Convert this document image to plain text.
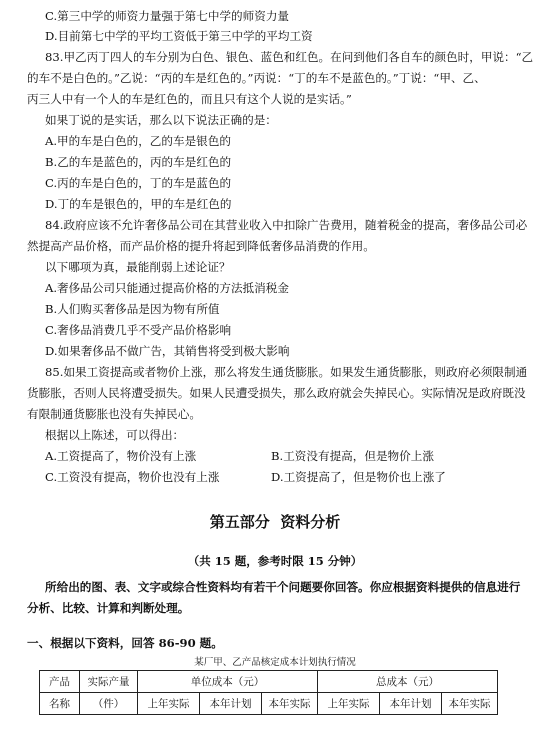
C.第三中学的师资力量强于第七中学的师资力量
D.目前第七中学的平均工资低于第三中学的平均工资
83.甲乙丙丁四人的车分别为白色、银色、蓝色和红色。在问到他们各自车的颜色时，甲说：“乙
的车不是白色的。”乙说：“丙的车是红色的。”丙说：“丁的车不是蓝色的。”丁说：“甲、乙、
丙三人中有一个人的车是红色的，而且只有这个人说的是实话。”
如果丁说的是实话，那么以下说法正确的是：
A.甲的车是白色的，乙的车是银色的
B.乙的车是蓝色的，丙的车是红色的
C.丙的车是白色的，丁的车是蓝色的
D.丁的车是银色的，甲的车是红色的
84.政府应该不允许奢侈品公司在其营业收入中扣除广告费用，随着税金的提高，奢侈品公司必
然提高产品价格，而产品价格的提升将起到降低奢侈品消费的作用。
以下哪项为真，最能削弱上述论证？
A.奢侈品公司只能通过提高价格的方法抵消税金
B.人们购买奢侈品是因为物有所值
C.奢侈品消费几乎不受产品价格影响
D.如果奢侈品不做广告，其销售将受到极大影响
85.如果工资提高或者物价上涨，那么将发生通货膨胀。如果发生通货膨胀，则政府必须限制通
货膨胀，否则人民将遭受损失。如果人民遭受损失，那么政府就会失掉民心。实际情况是政府既没
有限制通货膨胀也没有失掉民心。
根据以上陈述，可以得出：
A.工资提高了，物价没有上涨	B.工资没有提高，但是物价上涨
C.工资没有提高，物价也没有上涨	D.工资提高了，但是物价也上涨了
第五部分  资料分析
（共 15 题，参考时限 15 分钟）
所给出的图、表、文字或综合性资料均有若干个问题要你回答。你应根据资料提供的信息进行
分析、比较、计算和判断处理。
一、根据以下资料，回答 86-90 题。
某厂甲、乙产品核定成本计划执行情况
产品	实际产量	单位成本（元）			总成本（元）		
名称	（件）	上年实际	本年计划	本年实际	上年实际	本年计划	本年实际
